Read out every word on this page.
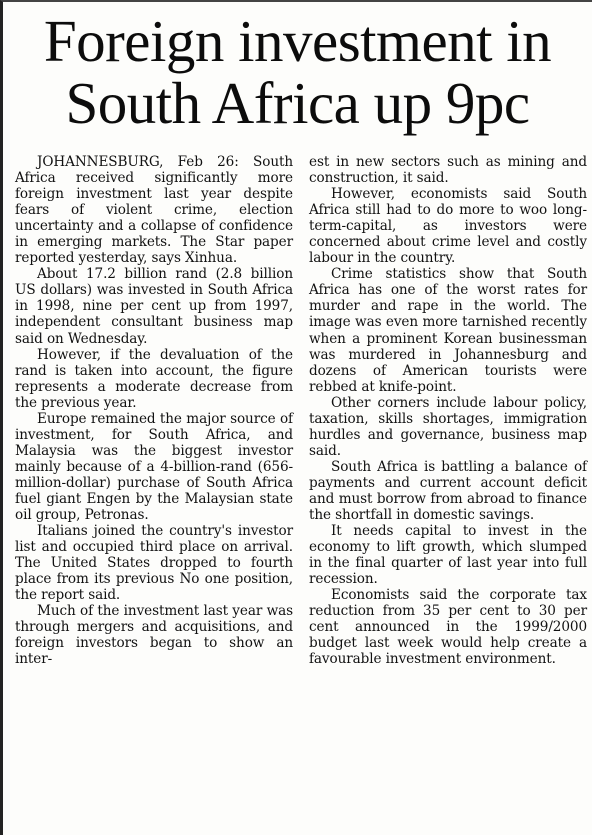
Foreign investment in
South Africa up 9pc

JOHANNESBURG, Feb 26: South Africa received significantly more foreign investment last year despite fears of violent crime, election uncertainty and a collapse of confidence in emerging markets. The Star paper reported yesterday, says Xinhua.

About 17.2 billion rand (2.8 billion US dollars) was invested in South Africa in 1998, nine per cent up from 1997, independent consultant business map said on Wednesday.

However, if the devaluation of the rand is taken into account, the figure represents a moderate decrease from the previous year.

Europe remained the major source of investment, for South Africa, and Malaysia was the biggest investor mainly because of a 4-billion-rand (656-million-dollar) purchase of South Africa fuel giant Engen by the Malaysian state oil group, Petronas.

Italians joined the country's investor list and occupied third place on arrival. The United States dropped to fourth place from its previous No one position, the report said.

Much of the investment last year was through mergers and acquisitions, and foreign investors began to show an inter-

est in new sectors such as mining and construction, it said.

However, economists said South Africa still had to do more to woo long-term-capital, as investors were concerned about crime level and costly labour in the country.

Crime statistics show that South Africa has one of the worst rates for murder and rape in the world. The image was even more tarnished recently when a prominent Korean businessman was murdered in Johannesburg and dozens of American tourists were rebbed at knife-point.

Other corners include labour policy, taxation, skills shortages, immigration hurdles and governance, business map said.

South Africa is battling a balance of payments and current account deficit and must borrow from abroad to finance the shortfall in domestic savings.

It needs capital to invest in the economy to lift growth, which slumped in the final quarter of last year into full recession.

Economists said the corporate tax reduction from 35 per cent to 30 per cent announced in the 1999/2000 budget last week would help create a favourable investment environment.
